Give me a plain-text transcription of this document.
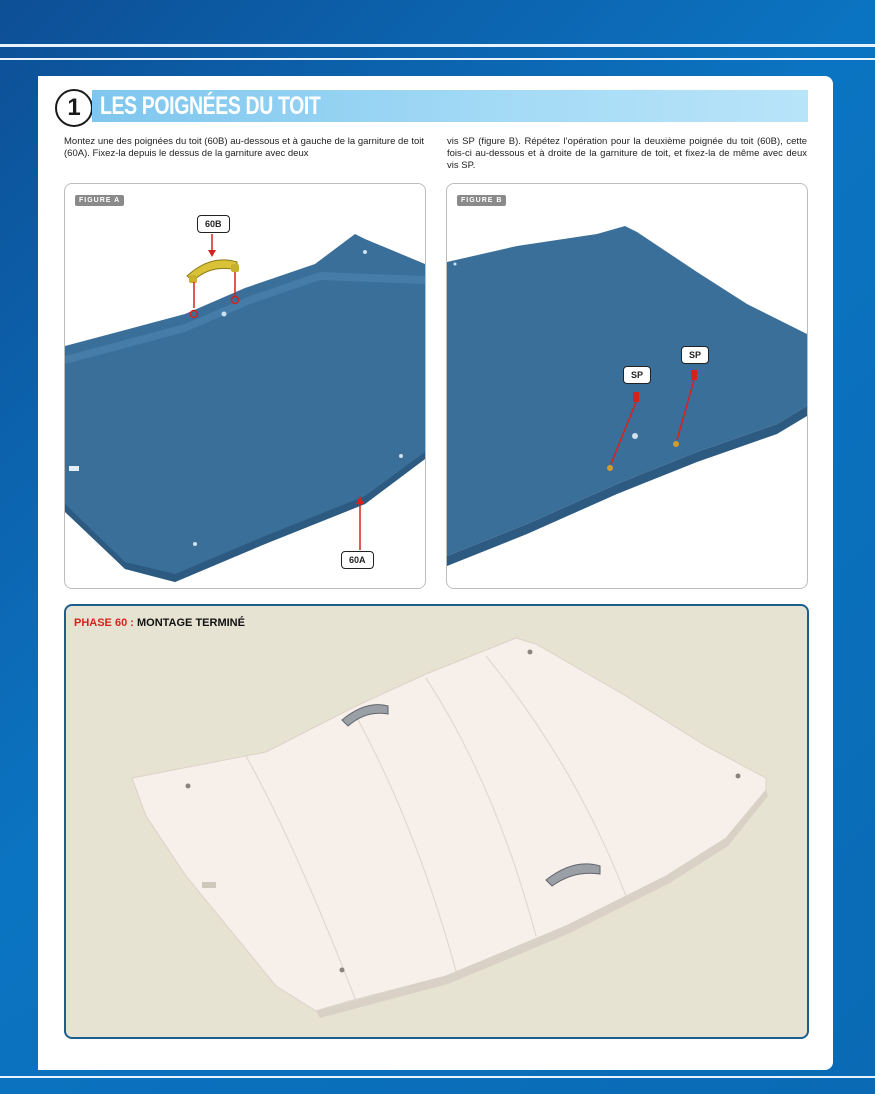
1 LES POIGNÉES DU TOIT
Montez une des poignées du toit (60B) au-dessous et à gauche de la garniture de toit (60A). Fixez-la depuis le dessus de la garniture avec deux
vis SP (figure B). Répétez l’opération pour la deuxième poignée du toit (60B), cette fois-ci au-dessous et à droite de la garniture de toit, et fixez-la de même avec deux vis SP.
FIGURE A
60B
60A
FIGURE B
SP
SP
PHASE 60 : MONTAGE TERMINÉ
